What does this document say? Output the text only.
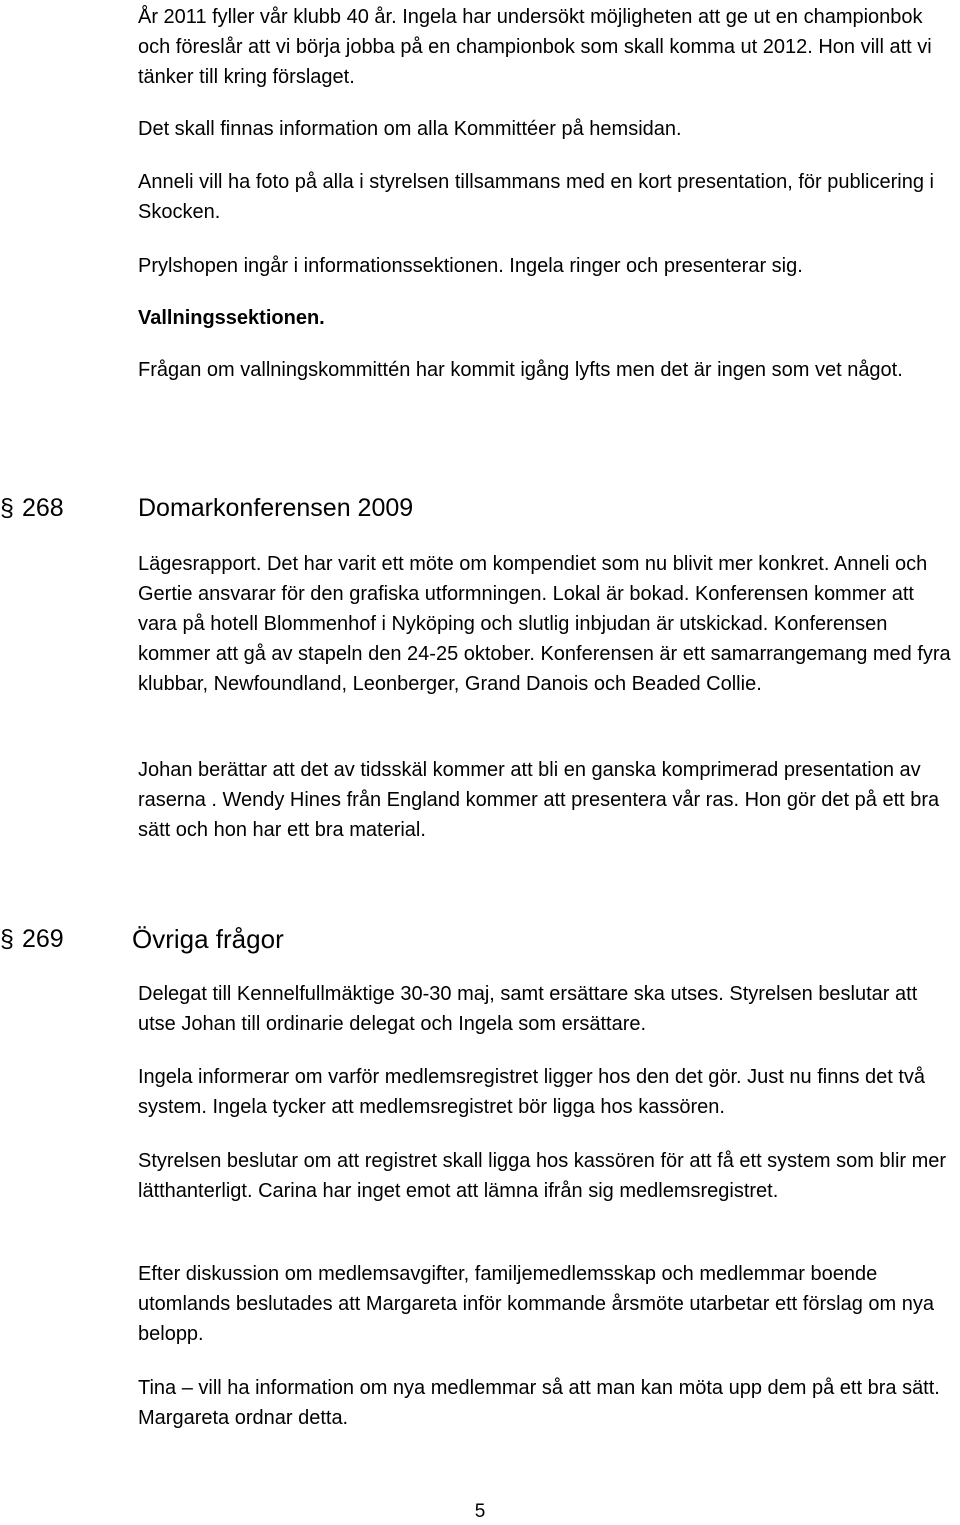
År 2011 fyller vår klubb 40 år. Ingela har undersökt möjligheten att ge ut en championbok och föreslår att vi börja jobba på en championbok som skall komma ut 2012. Hon vill att vi tänker till kring förslaget.

Det skall finnas information om alla Kommittéer på hemsidan.

Anneli vill ha foto på alla i styrelsen tillsammans med en kort presentation, för publicering i Skocken.

Prylshopen ingår i informationssektionen. Ingela ringer och presenterar sig.

Vallningssektionen.

Frågan om vallningskommittén har kommit igång lyfts men det är ingen som vet något.

§ 268	Domarkonferensen 2009

Lägesrapport. Det har varit ett möte om kompendiet som nu blivit mer konkret. Anneli och Gertie ansvarar för den grafiska utformningen. Lokal är bokad. Konferensen kommer att vara på hotell Blommenhof i Nyköping och slutlig inbjudan är utskickad. Konferensen kommer att gå av stapeln den 24-25 oktober. Konferensen är ett samarrangemang med fyra klubbar, Newfoundland, Leonberger, Grand Danois och Beaded Collie.

Johan berättar att det av tidsskäl kommer att bli en ganska komprimerad presentation av raserna . Wendy Hines från England kommer att presentera vår ras. Hon gör det på ett bra sätt och hon har ett bra material.

§ 269	Övriga frågor

Delegat till Kennelfullmäktige 30-30 maj, samt ersättare ska utses. Styrelsen beslutar att utse Johan till ordinarie delegat och Ingela som ersättare.

Ingela informerar om varför medlemsregistret ligger hos den det gör. Just nu finns det två system. Ingela tycker att medlemsregistret bör ligga hos kassören.

Styrelsen beslutar om att registret skall ligga hos kassören för att få ett system som blir mer lätthanterligt. Carina har inget emot att lämna ifrån sig medlemsregistret.

Efter diskussion om medlemsavgifter, familjemedlemsskap och medlemmar boende utomlands beslutades att Margareta inför kommande årsmöte utarbetar ett förslag om nya belopp.

Tina – vill ha information om nya medlemmar så att man kan möta upp dem på ett bra sätt. Margareta ordnar detta.

5
